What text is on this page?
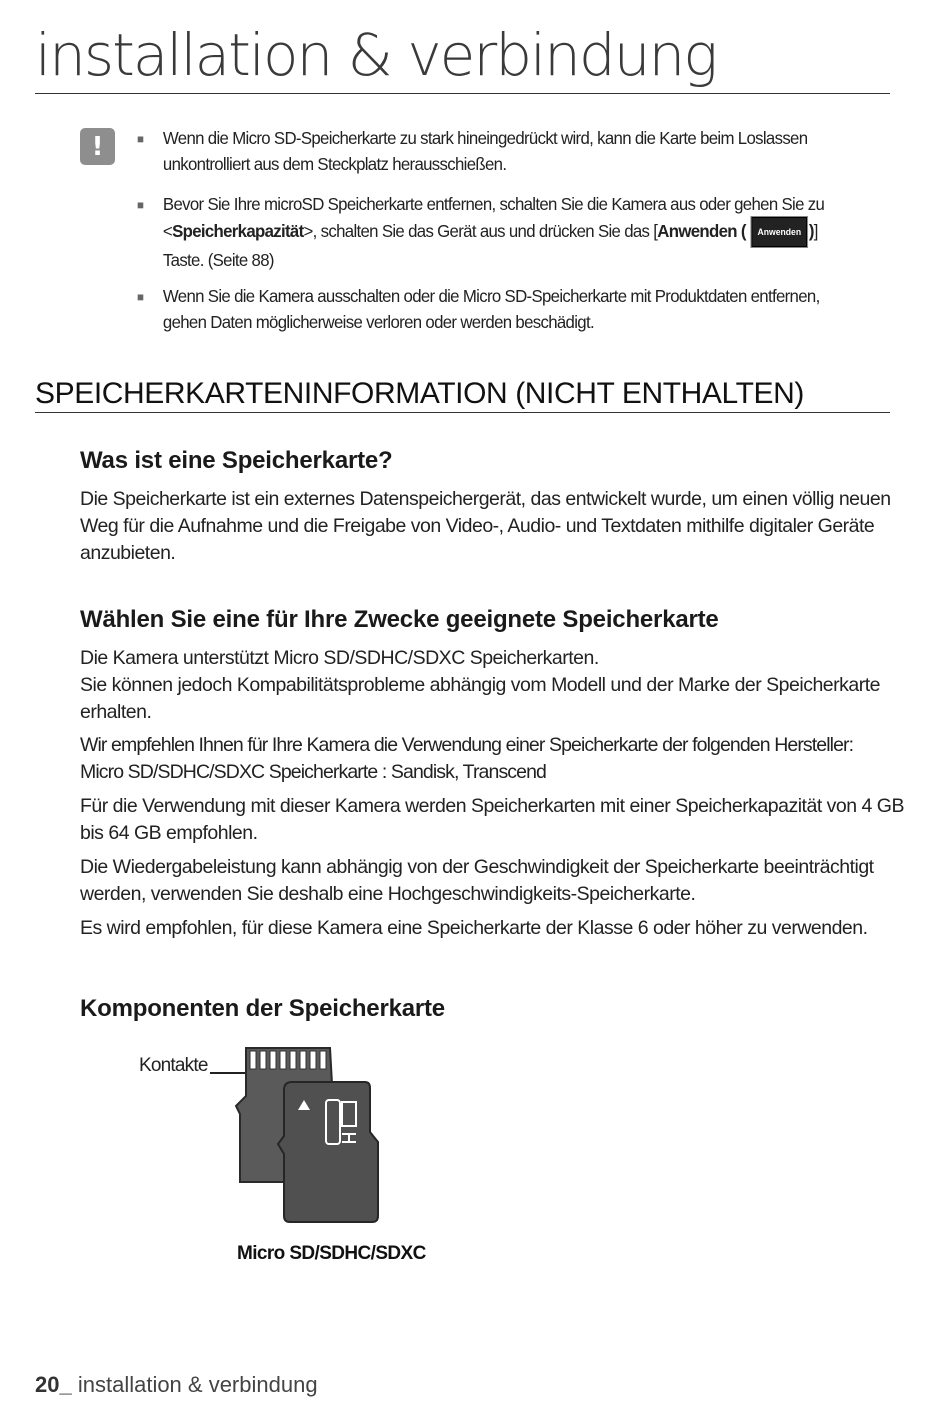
installation & verbindung
!	■ Wenn die Micro SD-Speicherkarte zu stark hineingedrückt wird, kann die Karte beim Loslassen unkontrolliert aus dem Steckplatz herausschießen.
■ Bevor Sie Ihre microSD Speicherkarte entfernen, schalten Sie die Kamera aus oder gehen Sie zu <Speicherkapazität>, schalten Sie das Gerät aus und drücken Sie das [Anwenden ( Anwenden )] Taste. (Seite 88)
■ Wenn Sie die Kamera ausschalten oder die Micro SD-Speicherkarte mit Produktdaten entfernen, gehen Daten möglicherweise verloren oder werden beschädigt.
SPEICHERKARTENINFORMATION (NICHT ENTHALTEN)
Was ist eine Speicherkarte?

Die Speicherkarte ist ein externes Datenspeichergerät, das entwickelt wurde, um einen völlig neuen Weg für die Aufnahme und die Freigabe von Video-, Audio- und Textdaten mithilfe digitaler Geräte anzubieten.

Wählen Sie eine für Ihre Zwecke geeignete Speicherkarte

Die Kamera unterstützt Micro SD/SDHC/SDXC Speicherkarten.
Sie können jedoch Kompabilitätsprobleme abhängig vom Modell und der Marke der Speicherkarte erhalten.

Wir empfehlen Ihnen für Ihre Kamera die Verwendung einer Speicherkarte der folgenden Hersteller:
Micro SD/SDHC/SDXC Speicherkarte : Sandisk, Transcend

Für die Verwendung mit dieser Kamera werden Speicherkarten mit einer Speicherkapazität von 4 GB bis 64 GB empfohlen.

Die Wiedergabeleistung kann abhängig von der Geschwindigkeit der Speicherkarte beeinträchtigt werden, verwenden Sie deshalb eine Hochgeschwindigkeits-Speicherkarte.

Es wird empfohlen, für diese Kamera eine Speicherkarte der Klasse 6 oder höher zu verwenden.

Komponenten der Speicherkarte
Kontakte
Micro SD/SDHC/SDXC
20_ installation & verbindung
